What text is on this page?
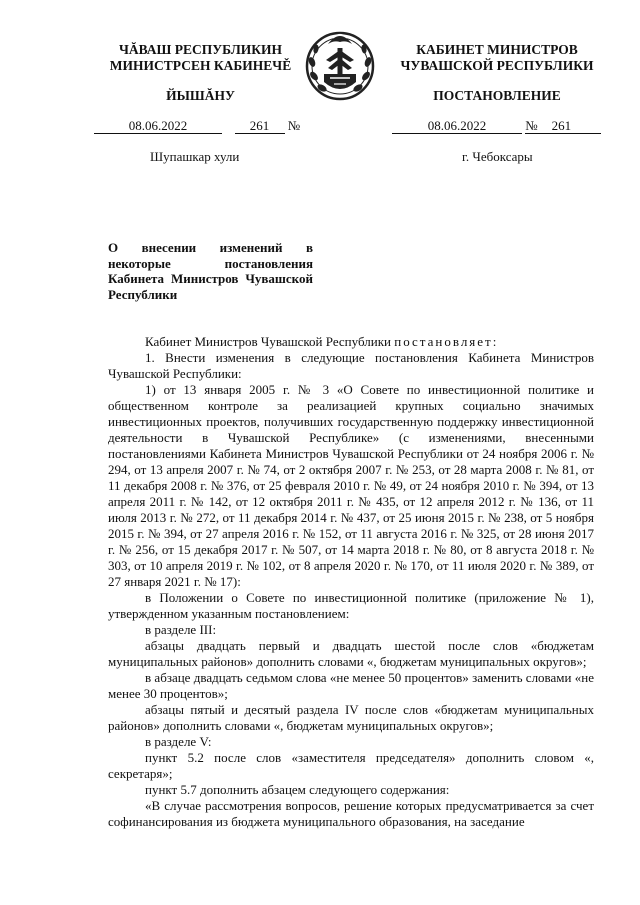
ЧĂВАШ РЕСПУБЛИКИН
МИНИСТРСЕН КАБИНЕЧĚ
КАБИНЕТ МИНИСТРОВ
ЧУВАШСКОЙ РЕСПУБЛИКИ
ЙЫШĂНУ	ПОСТАНОВЛЕНИЕ
08.06.2022	261 №	08.06.2022	№ 261
Шупашкар хули	г. Чебоксары
О внесении изменений в некоторые постановления Кабинета Министров Чувашской Республики

Кабинет Министров Чувашской Республики постановляет:

1. Внести изменения в следующие постановления Кабинета Министров Чувашской Республики:

1) от 13 января 2005 г. № 3 «О Совете по инвестиционной политике и общественном контроле за реализацией крупных социально значимых инвестиционных проектов, получивших государственную поддержку инвестиционной деятельности в Чувашской Республике» (с изменениями, внесенными постановлениями Кабинета Министров Чувашской Республики от 24 ноября 2006 г. № 294, от 13 апреля 2007 г. № 74, от 2 октября 2007 г. № 253, от 28 марта 2008 г. № 81, от 11 декабря 2008 г. № 376, от 25 февраля 2010 г. № 49, от 24 ноября 2010 г. № 394, от 13 апреля 2011 г. № 142, от 12 октября 2011 г. № 435, от 12 апреля 2012 г. № 136, от 11 июля 2013 г. № 272, от 11 декабря 2014 г. № 437, от 25 июня 2015 г. № 238, от 5 ноября 2015 г. № 394, от 27 апреля 2016 г. № 152, от 11 августа 2016 г. № 325, от 28 июня 2017 г. № 256, от 15 декабря 2017 г. № 507, от 14 марта 2018 г. № 80, от 8 августа 2018 г. № 303, от 10 апреля 2019 г. № 102, от 8 апреля 2020 г. № 170, от 11 июля 2020 г. № 389, от 27 января 2021 г. № 17):

в Положении о Совете по инвестиционной политике (приложение № 1), утвержденном указанным постановлением:

в разделе III:

абзацы двадцать первый и двадцать шестой после слов «бюджетам муниципальных районов» дополнить словами «, бюджетам муниципальных округов»;

в абзаце двадцать седьмом слова «не менее 50 процентов» заменить словами «не менее 30 процентов»;

абзацы пятый и десятый раздела IV после слов «бюджетам муниципальных районов» дополнить словами «, бюджетам муниципальных округов»;

в разделе V:

пункт 5.2 после слов «заместителя председателя» дополнить словом «, секретаря»;

пункт 5.7 дополнить абзацем следующего содержания:

«В случае рассмотрения вопросов, решение которых предусматривается за счет софинансирования из бюджета муниципального образования, на заседание
